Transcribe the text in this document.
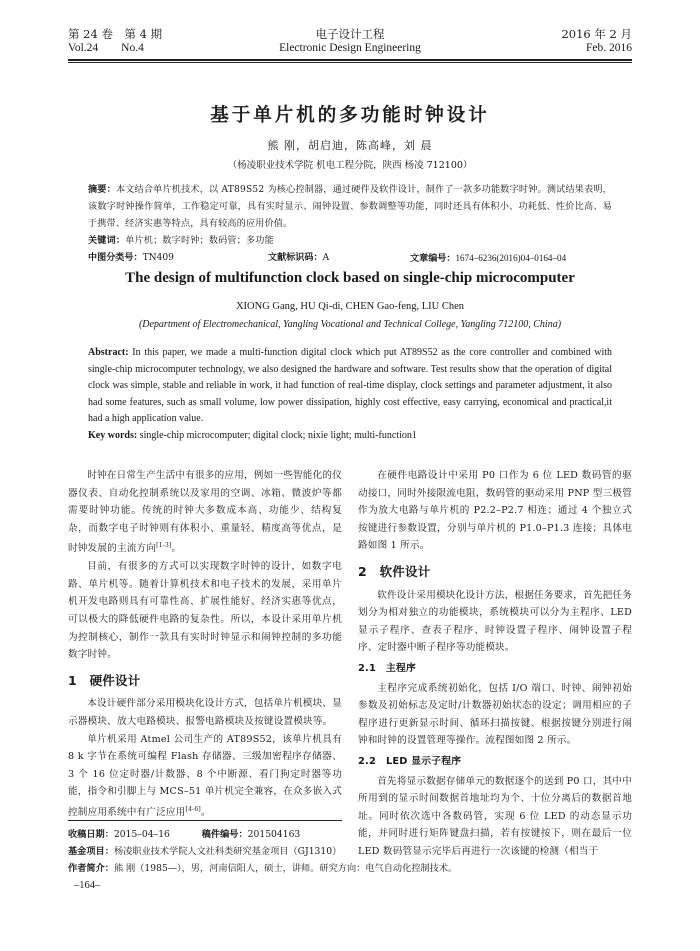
第 24 卷　第 4 期
Vol.24　　No.4
电子设计工程
Electronic Design Engineering
2016 年 2 月
Feb. 2016
基于单片机的多功能时钟设计
熊 刚，胡启迪，陈高峰，刘 晨
（杨凌职业技术学院 机电工程分院，陕西 杨凌 712100）
摘要：本文结合单片机技术，以 AT89S52 为核心控制器，通过硬件及软件设计，制作了一款多功能数字时钟。测试结果表明，该数字时钟操作简单，工作稳定可靠，具有实时显示、闹钟设置、参数调整等功能，同时还具有体积小、功耗低、性价比高、易于携带、经济实惠等特点，具有较高的应用价值。
关键词：单片机；数字时钟；数码管；多功能
中图分类号：TN409	文献标识码：A	文章编号：1674–6236(2016)04–0164–04
The design of multifunction clock based on single-chip microcomputer
XIONG Gang, HU Qi-di, CHEN Gao-feng, LIU Chen
(Department of Electromechanical, Yangling Vocational and Technical College, Yangling 712100, China)
Abstract: In this paper, we made a multi-function digital clock which put AT89S52 as the core controller and combined with single-chip microcomputer technology, we also designed the hardware and software. Test results show that the operation of digital clock was simple, stable and reliable in work, it had function of real-time display, clock settings and parameter adjustment, it also had some features, such as small volume, low power dissipation, highly cost effective, easy carrying, economical and practical,it had a high application value.
Key words: single-chip microcomputer; digital clock; nixie light; multi-function1

时钟在日常生产生活中有很多的应用，例如一些智能化的仪器仪表、自动化控制系统以及家用的空调、冰箱、微波炉等都需要时钟功能。传统的时钟大多数成本高、功能少、结构复杂，而数字电子时钟则有体积小、重量轻、精度高等优点，是时钟发展的主流方向[1-3]。

目前，有很多的方式可以实现数字时钟的设计，如数字电路、单片机等。随着计算机技术和电子技术的发展，采用单片机开发电路则具有可靠性高、扩展性能好、经济实惠等优点，可以极大的降低硬件电路的复杂性。所以，本设计采用单片机为控制核心，制作一款具有实时时钟显示和闹钟控制的多功能数字时钟。

1　硬件设计

本设计硬件部分采用模块化设计方式，包括单片机模块、显示器模块、放大电路模块、报警电路模块及按键设置模块等。

单片机采用 Atmel 公司生产的 AT89S52，该单片机具有 8 k 字节在系统可编程 Flash 存储器、三级加密程序存储器、3 个 16 位定时器/计数器、8 个中断源、看门狗定时器等功能，指令和引脚上与 MCS–51 单片机完全兼容，在众多嵌入式控制应用系统中有广泛应用[4-6]。

在硬件电路设计中采用 P0 口作为 6 位 LED 数码管的驱动接口，同时外接限流电阻，数码管的驱动采用 PNP 型三极管作为放大电路与单片机的 P2.2–P2.7 相连；通过 4 个独立式按键进行参数设置，分别与单片机的 P1.0–P1.3 连接；具体电路如图 1 所示。

2　软件设计

软件设计采用模块化设计方法，根据任务要求，首先把任务划分为相对独立的功能模块，系统模块可以分为主程序、LED 显示子程序、查表子程序、时钟设置子程序、闹钟设置子程序、定时器中断子程序等功能模块。

2.1　主程序

主程序完成系统初始化，包括 I/O 端口、时钟、闹钟初始参数及初始标志及定时/计数器初始状态的设定；调用相应的子程序进行更新显示时间、循环扫描按键、根据按键分别进行闹钟和时钟的设置管理等操作。流程图如图 2 所示。

2.2　LED 显示子程序

首先将显示数据存储单元的数据逐个的送到 P0 口，其中中所用到的显示时间数据首地址均为个、十位分离后的数据首地址。同时依次选中各数码管，实现 6 位 LED 的动态显示功能，并同时进行矩阵键盘扫描，若有按键按下，则在最后一位 LED 数码管显示完毕后再进行一次该键的检测（相当于

收稿日期：2015–04–16	稿件编号：201504163
基金项目：杨凌职业技术学院人文社科类研究基金项目（GJ1310）
作者简介：熊 刚（1985—），男，河南信阳人，硕士，讲师。研究方向：电气自动化控制技术。
–164–
